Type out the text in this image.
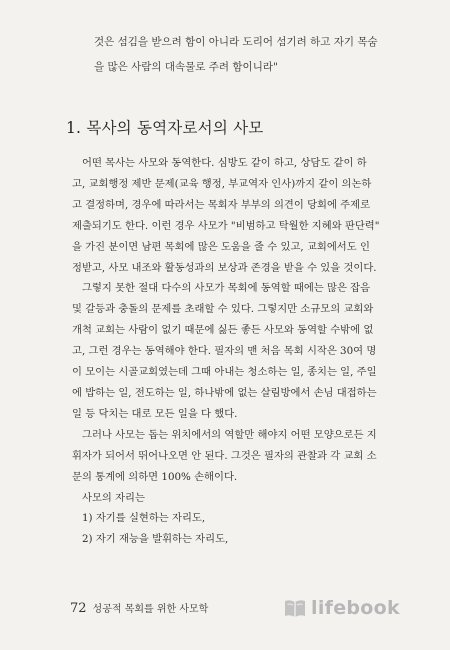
것은 섬김을 받으려 함이 아니라 도리어 섬기려 하고 자기 목숨

을 많은 사람의 대속물로 주려 함이니라"

1. 목사의 동역자로서의 사모

어떤 목사는 사모와 동역한다. 심방도 같이 하고, 상담도 같이 하

고, 교회행정 제반 문제(교육 행정, 부교역자 인사)까지 같이 의논하

고 결정하며, 경우에 따라서는 목회자 부부의 의견이 당회에 주제로

제출되기도 한다. 이런 경우 사모가 "비범하고 탁월한 지혜와 판단력"

을 가진 분이면 남편 목회에 많은 도움을 줄 수 있고, 교회에서도 인

정받고, 사모 내조와 활동성과의 보상과 존경을 받을 수 있을 것이다.

그렇지 못한 절대 다수의 사모가 목회에 동역할 때에는 많은 잡음

및 갈등과 충돌의 문제를 초래할 수 있다. 그렇지만 소규모의 교회와

개척 교회는 사람이 없기 때문에 싫든 좋든 사모와 동역할 수밖에 없

고, 그런 경우는 동역해야 한다. 필자의 맨 처음 목회 시작은 30여 명

이 모이는 시골교회였는데 그때 아내는 청소하는 일, 종치는 일, 주일

에 밥하는 일, 전도하는 일, 하나밖에 없는 살림방에서 손님 대접하는

일 등 닥치는 대로 모든 일을 다 했다.

그러나 사모는 돕는 위치에서의 역할만 해야지 어떤 모양으로든 지

휘자가 되어서 뛰어나오면 안 된다. 그것은 필자의 관찰과 각 교회 소

문의 통계에 의하면 100% 손해이다.

사모의 자리는

1) 자기를 실현하는 자리도,

2) 자기 재능을 발휘하는 자리도,

72 성공적 목회를 위한 사모학	lifebook
